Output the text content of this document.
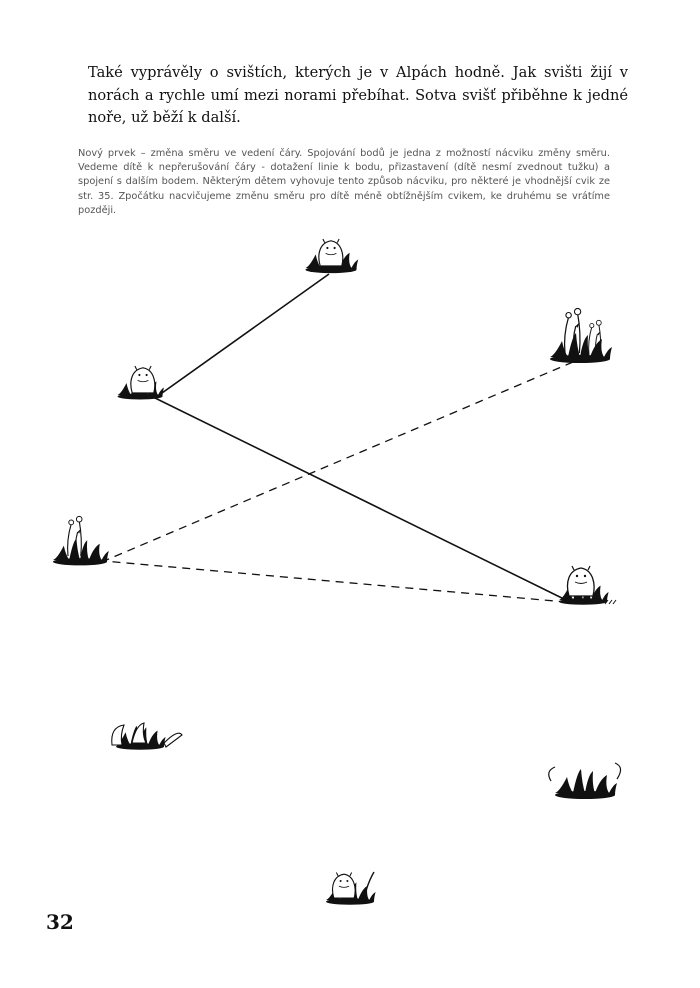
Také vyprávěly o svištích, kterých je v Alpách hodně. Jak svišti žijí v norách a rychle umí mezi norami přebíhat. Sotva svišť přiběhne k jedné noře, už běží k další.

Nový prvek – změna směru ve vedení čáry. Spojování bodů je jedna z možností nácviku změny směru. Vedeme dítě k nepřerušování čáry - dotažení linie k bodu, přizastavení (dítě nesmí zvednout tužku) a spojení s dalším bodem. Některým dětem vyhovuje tento způsob nácviku, pro některé je vhodnější cvik ze str. 35. Zpočátku nacvičujeme změnu směru pro dítě méně obtížnějším cvikem, ke druhému se vrátíme později.

32
